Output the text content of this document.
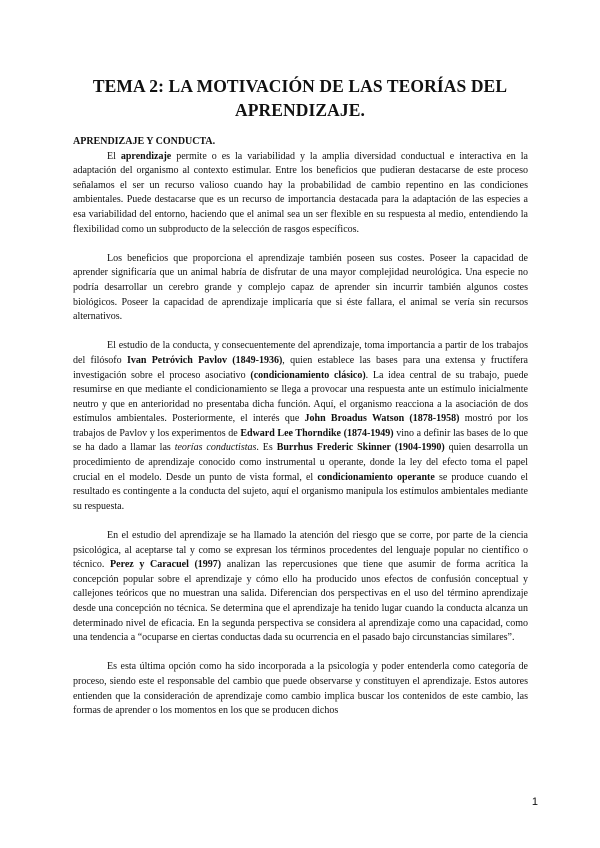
TEMA 2: LA MOTIVACIÓN DE LAS TEORÍAS DEL APRENDIZAJE.

APRENDIZAJE Y CONDUCTA.

El aprendizaje permite o es la variabilidad y la amplia diversidad conductual e interactiva en la adaptación del organismo al contexto estimular. Entre los beneficios que pudieran destacarse de este proceso señalamos el ser un recurso valioso cuando hay la probabilidad de cambio repentino en las condiciones ambientales. Puede destacarse que es un recurso de importancia destacada para la adaptación de las especies a esa variabilidad del entorno, haciendo que el animal sea un ser flexible en su respuesta al medio, entendiendo la flexibilidad como un subproducto de la selección de rasgos específicos.

Los beneficios que proporciona el aprendizaje también poseen sus costes. Poseer la capacidad de aprender significaría que un animal habría de disfrutar de una mayor complejidad neurológica. Una especie no podría desarrollar un cerebro grande y complejo capaz de aprender sin incurrir también algunos costes biológicos. Poseer la capacidad de aprendizaje implicaría que si éste fallara, el animal se vería sin recursos alternativos.

El estudio de la conducta, y consecuentemente del aprendizaje, toma importancia a partir de los trabajos del filósofo Ivan Petróvich Pavlov (1849-1936), quien establece las bases para una extensa y fructífera investigación sobre el proceso asociativo (condicionamiento clásico). La idea central de su trabajo, puede resumirse en que mediante el condicionamiento se llega a provocar una respuesta ante un estímulo inicialmente neutro y que en anterioridad no presentaba dicha función. Aquí, el organismo reacciona a la asociación de dos estímulos ambientales. Posteriormente, el interés que John Broadus Watson (1878-1958) mostró por los trabajos de Pavlov y los experimentos de Edward Lee Thorndike (1874-1949) vino a definir las bases de lo que se ha dado a llamar las teorías conductistas. Es Burrhus Frederic Skinner (1904-1990) quien desarrolla un procedimiento de aprendizaje conocido como instrumental u operante, donde la ley del efecto toma el papel crucial en el modelo. Desde un punto de vista formal, el condicionamiento operante se produce cuando el resultado es contingente a la conducta del sujeto, aquí el organismo manipula los estímulos ambientales mediante su respuesta.

En el estudio del aprendizaje se ha llamado la atención del riesgo que se corre, por parte de la ciencia psicológica, al aceptarse tal y como se expresan los términos procedentes del lenguaje popular no científico o técnico. Perez y Caracuel (1997) analizan las repercusiones que tiene que asumir de forma acrítica la concepción popular sobre el aprendizaje y cómo ello ha producido unos efectos de confusión conceptual y callejones teóricos que no muestran una salida. Diferencian dos perspectivas en el uso del término aprendizaje desde una concepción no técnica. Se determina que el aprendizaje ha tenido lugar cuando la conducta alcanza un determinado nivel de eficacia. En la segunda perspectiva se considera al aprendizaje como una capacidad, como una tendencia a “ocuparse en ciertas conductas dada su ocurrencia en el pasado bajo circunstancias similares”.

Es esta última opción como ha sido incorporada a la psicología y poder entenderla como categoría de proceso, siendo este el responsable del cambio que puede observarse y constituyen el aprendizaje. Estos autores entienden que la consideración de aprendizaje como cambio implica buscar los contenidos de este cambio, las formas de aprender o los momentos en los que se producen dichos

1
